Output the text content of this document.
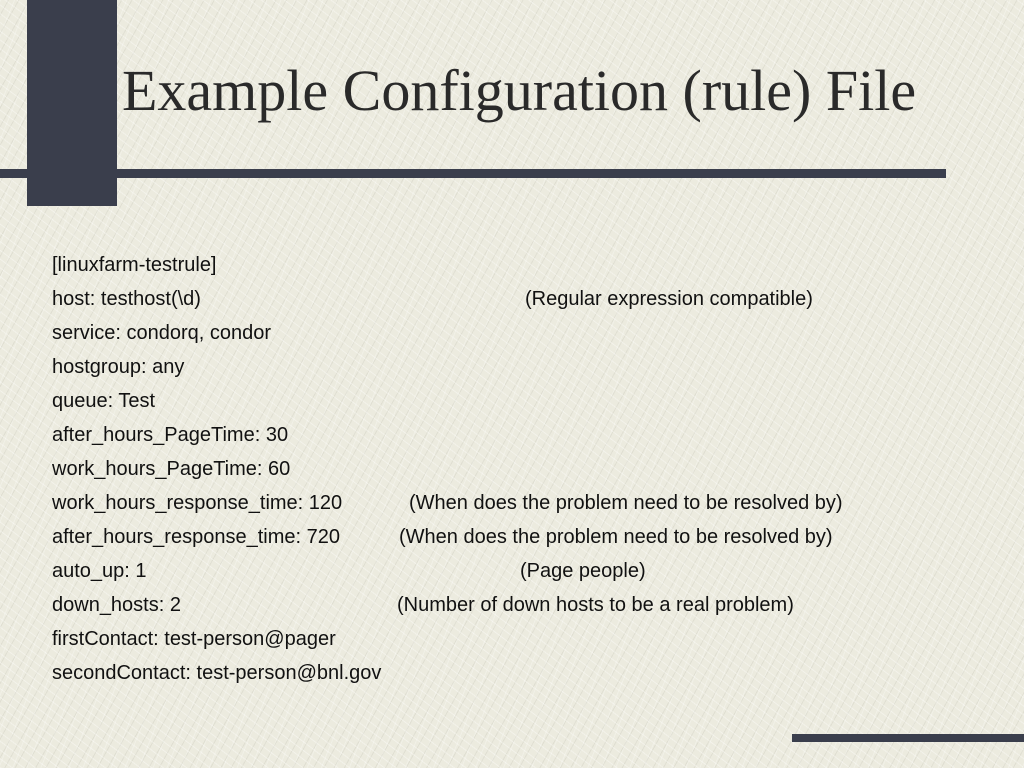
Example Configuration (rule) File
[linuxfarm-testrule]
host: testhost(\d)	(Regular expression compatible)
service: condorq, condor
hostgroup: any
queue: Test
after_hours_PageTime: 30
work_hours_PageTime: 60
work_hours_response_time: 120	(When does the problem need to be resolved by)
after_hours_response_time: 720	(When does the problem need to be resolved by)
auto_up: 1	(Page people)
down_hosts: 2	(Number of down hosts to be a real problem)
firstContact: test-person@pager
secondContact: test-person@bnl.gov
